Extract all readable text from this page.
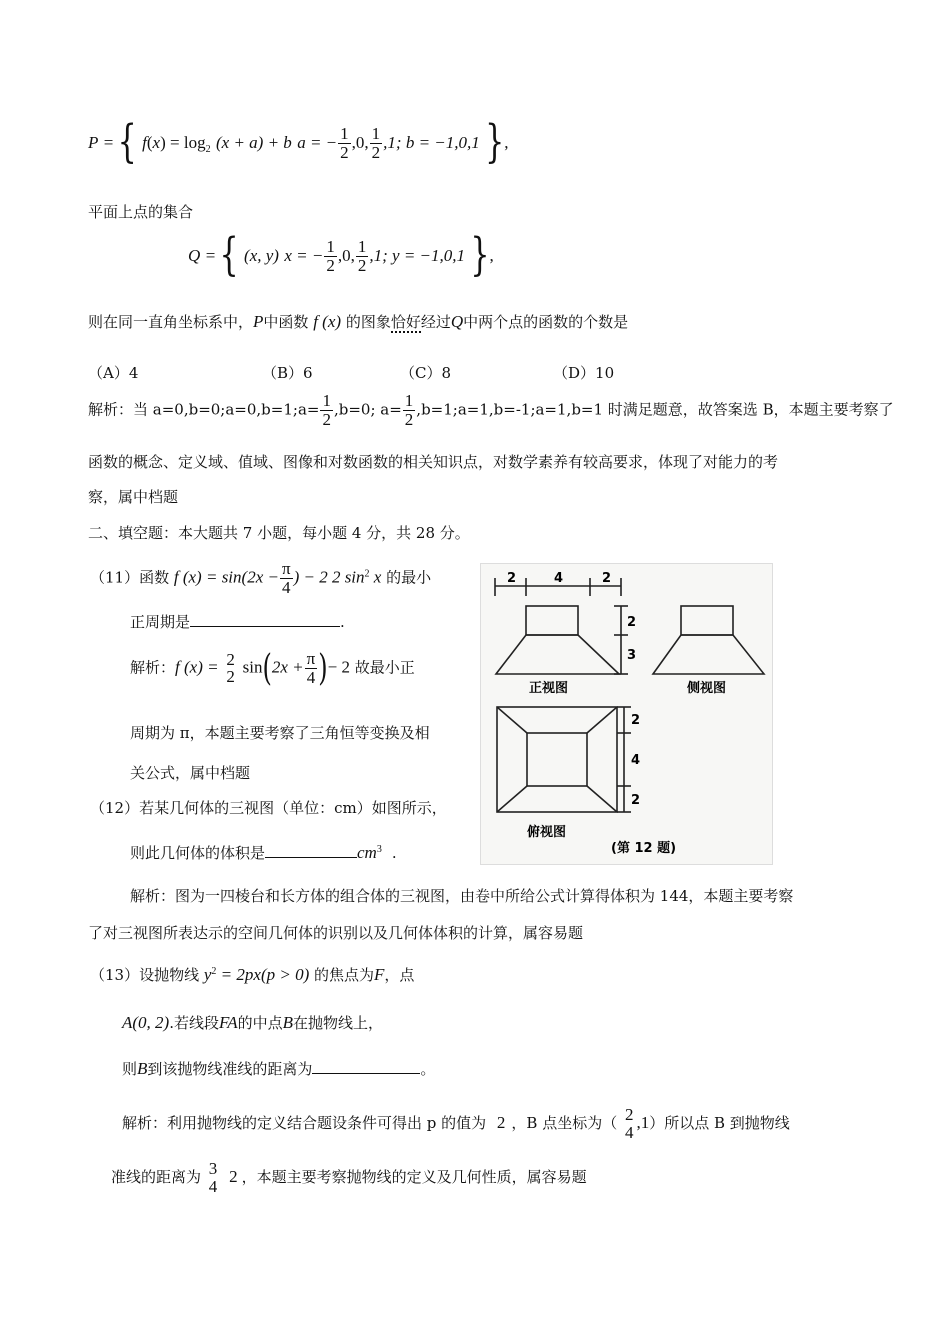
P = { $f(x) = \log_2 (x + a) + b$ a = − $\frac{1}{2} ,0$, $\frac{1}{2} ,1$; b = −1,0,1 },
平面上点的集合
Q = { (x, y) x = − $\frac{1}{2} ,0$, $\frac{1}{2} ,1$; y = −1,0,1 },
则在同一直角坐标系中，P中函数 f (x) 的图象恰好经过Q中两个点的函数的个数是
（A）4	（B）6	（C）8	（D）10
解析：当 a=0,b=0;a=0,b=1;a= $\frac{1}{2} ,b=0$; $a= \frac{1}{2}$ ,b=1;a=1,b=-1;a=1,b=1 时满足题意，故答案选 B，本题主要考察了
函数的概念、定义域、值域、图像和对数函数的相关知识点，对数学素养有较高要求，体现了对能力的考
察，属中档题
二、填空题：本大题共 7 小题，每小题 4 分，共 28 分。
（11）函数 f $(x) = \sin(2x - \frac{\pi}{4}$ ) − 2 2 $\sin^2 x$ 的最小
正周期是	.
解析：f (x) = 2
2
$\sin(2x + \frac{\pi}{4}$ )− 2 故最小正
周期为 π，本题主要考察了三角恒等变换及相
关公式，属中档题
（12）若某几何体的三视图（单位：cm）如图所示，
则此几何体的体积是	$cm^3$ .
2	4	2
2
3
2
4
2
正视图	侧视图
俯视图
(第 12 题)
解析：图为一四棱台和长方体的组合体的三视图，由卷中所给公式计算得体积为 144，本题主要考察
了对三视图所表达示的空间几何体的识别以及几何体体积的计算，属容易题
（13）设抛物线 $y^2 = 2px(p > 0)$ 的焦点为F，点
A(0, 2).若线段FA的中点B在抛物线上，
则B到该抛物线准线的距离为	。
解析：利用抛物线的定义结合题设条件可得出 p 的值为 2 ，B 点坐标为（ 2
4
,1）所以点 B 到抛物线
准线的距离为 3
4
2 ，本题主要考察抛物线的定义及几何性质，属容易题
